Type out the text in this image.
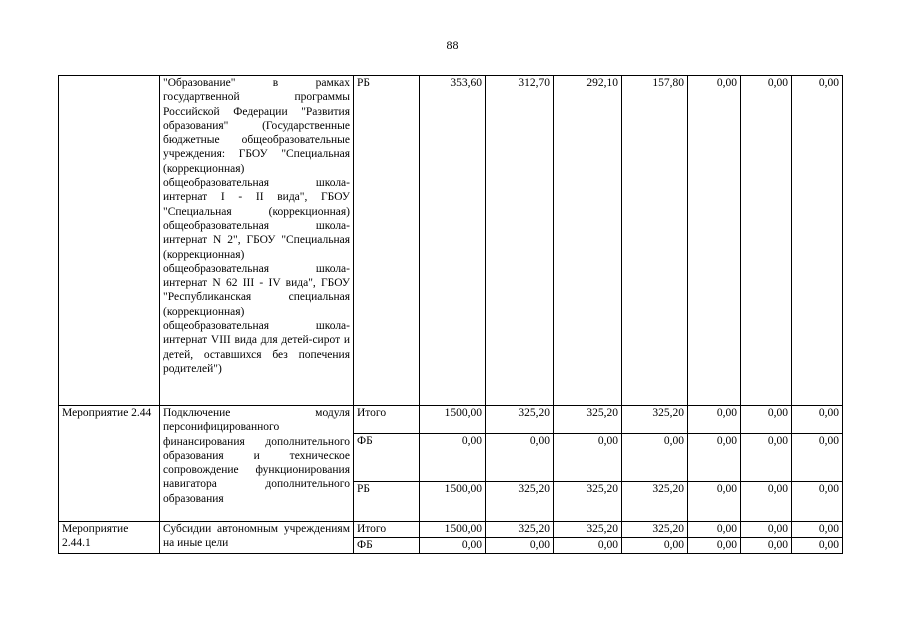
88
	"Образование" в рамках государтвенной программы Российской Федерации "Развития образования" (Государственные бюджетные общеобразовательные учреждения: ГБОУ "Специальная (коррекционная) общеобразовательная школа-интернат I - II вида", ГБОУ "Специальная (коррекционная) общеобразовательная школа-интернат N 2", ГБОУ "Специальная (коррекционная) общеобразовательная школа-интернат N 62 III - IV вида", ГБОУ "Республиканская специальная (коррекционная) общеобразовательная школа-интернат VIII вида для детей-сирот и детей, оставшихся без попечения родителей")	РБ	353,60	312,70	292,10	157,80	0,00	0,00	0,00
Мероприятие 2.44	Подключение модуля персонифицированного финансирования дополнительного образования и техническое сопровождение функционирования навигатора дополнительного образования	Итого	1500,00	325,20	325,20	325,20	0,00	0,00	0,00
		ФБ	0,00	0,00	0,00	0,00	0,00	0,00	0,00
		РБ	1500,00	325,20	325,20	325,20	0,00	0,00	0,00
Мероприятие 2.44.1	Субсидии автономным учреждениям на иные цели	Итого	1500,00	325,20	325,20	325,20	0,00	0,00	0,00
		ФБ	0,00	0,00	0,00	0,00	0,00	0,00	0,00
